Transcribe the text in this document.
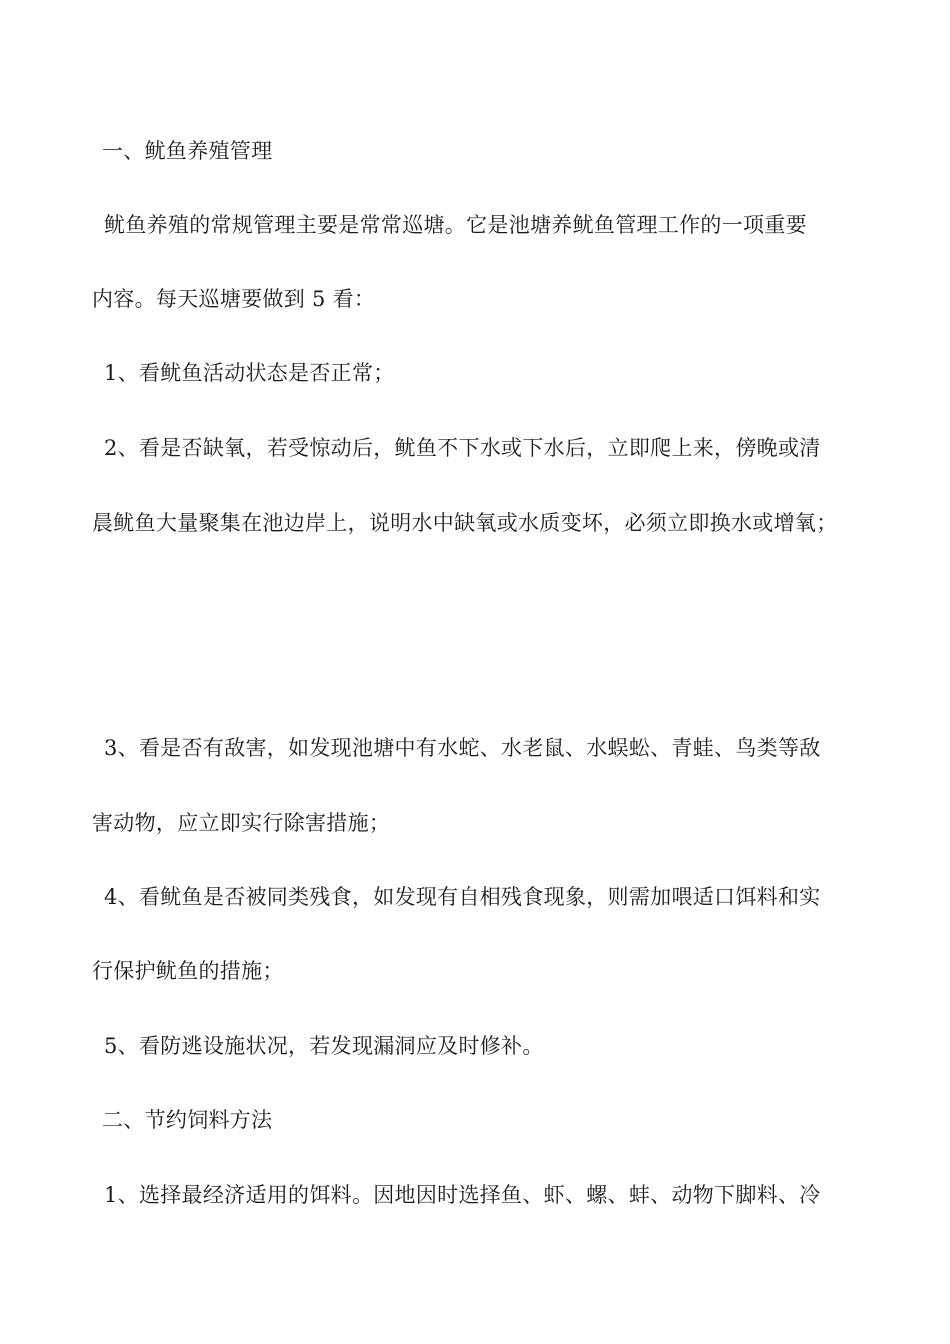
一、鱿鱼养殖管理
鱿鱼养殖的常规管理主要是常常巡塘。它是池塘养鱿鱼管理工作的一项重要
内容。每天巡塘要做到 5 看：
1、看鱿鱼活动状态是否正常；
2、看是否缺氧，若受惊动后，鱿鱼不下水或下水后，立即爬上来，傍晚或清
晨鱿鱼大量聚集在池边岸上，说明水中缺氧或水质变坏，必须立即换水或增氧；
3、看是否有敌害，如发现池塘中有水蛇、水老鼠、水蜈蚣、青蛙、鸟类等敌
害动物，应立即实行除害措施；
4、看鱿鱼是否被同类残食，如发现有自相残食现象，则需加喂适口饵料和实
行保护鱿鱼的措施；
5、看防逃设施状况，若发现漏洞应及时修补。
二、节约饲料方法
1、选择最经济适用的饵料。因地因时选择鱼、虾、螺、蚌、动物下脚料、冷
